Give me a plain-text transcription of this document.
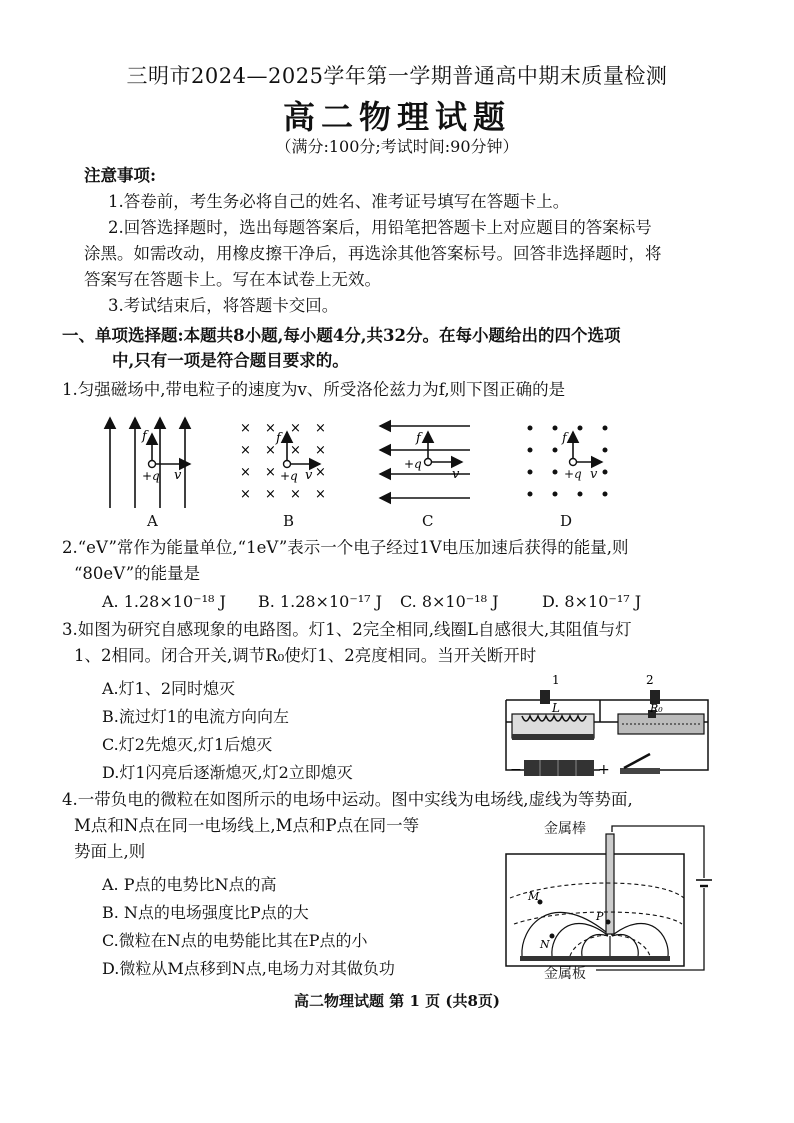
三明市2024—2025学年第一学期普通高中期末质量检测
高二物理试题
（满分:100分;考试时间:90分钟）
注意事项:
1.答卷前，考生务必将自己的姓名、准考证号填写在答题卡上。
2.回答选择题时，选出每题答案后，用铅笔把答题卡上对应题目的答案标号
涂黑。如需改动，用橡皮擦干净后，再选涂其他答案标号。回答非选择题时，将
答案写在答题卡上。写在本试卷上无效。
3.考试结束后，将答题卡交回。
一、单项选择题:本题共8小题,每小题4分,共32分。在每小题给出的四个选项
中,只有一项是符合题目要求的。
1.匀强磁场中,带电粒子的速度为v、所受洛伦兹力为f,则下图正确的是
f
v
+q
× × × ×
× × × ×
× ×	×
× × × ×
f
v
+q
f
v
+q
f
v
+q
A	B	C	D
2.“eV”常作为能量单位,“1eV”表示一个电子经过1V电压加速后获得的能量,则
“80eV”的能量是
A. 1.28×10⁻¹⁸ J B. 1.28×10⁻¹⁷ J C. 8×10⁻¹⁸ J	D. 8×10⁻¹⁷ J
3.如图为研究自感现象的电路图。灯1、2完全相同,线圈L自感很大,其阻值与灯
1、2相同。闭合开关,调节R₀使灯1、2亮度相同。当开关断开时
A.灯1、2同时熄灭
B.流过灯1的电流方向向左
C.灯2先熄灭,灯1后熄灭
D.灯1闪亮后逐渐熄灭,灯2立即熄灭
1	2
L	R₀
−	+
4.一带负电的微粒在如图所示的电场中运动。图中实线为电场线,虚线为等势面,
M点和N点在同一电场线上,M点和P点在同一等
势面上,则
A. P点的电势比N点的高
B. N点的电场强度比P点的大
C.微粒在N点的电势能比其在P点的小
D.微粒从M点移到N点,电场力对其做负功
M
N
P
金属棒
金属板
高二物理试题 第 1 页 (共8页)
